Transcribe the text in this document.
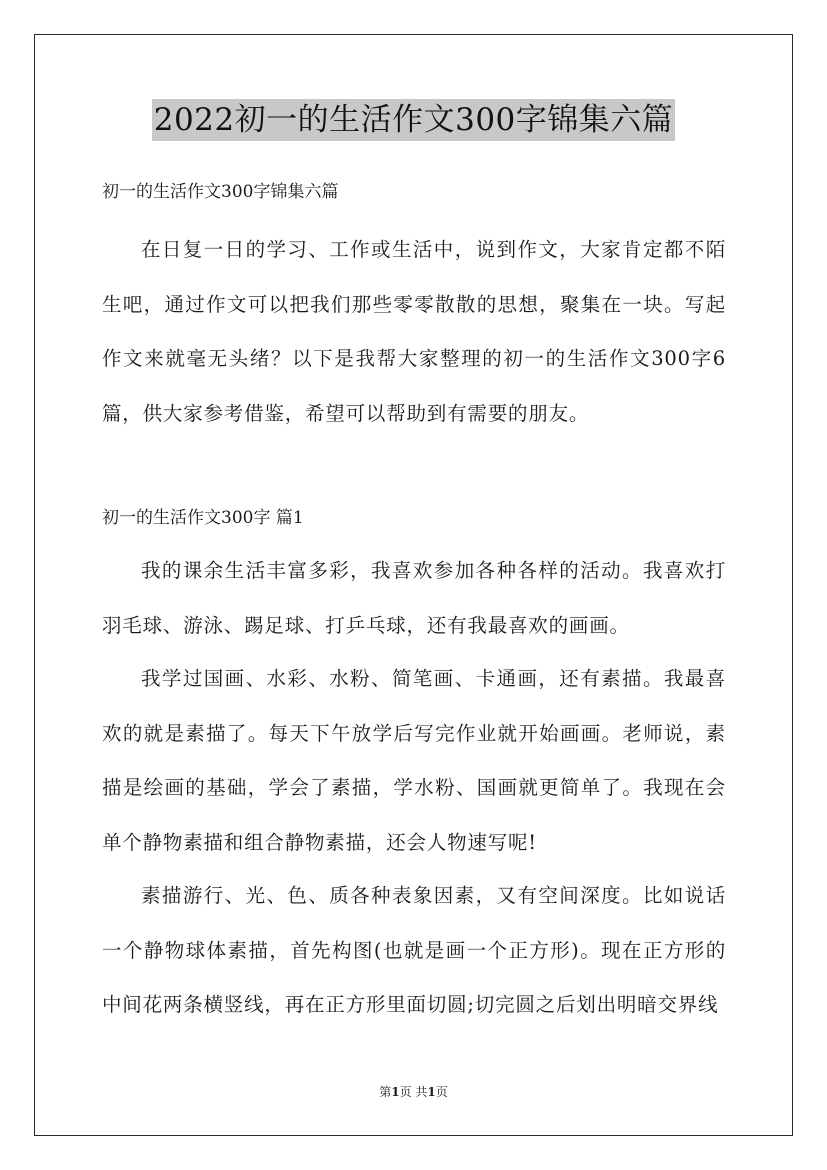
2022初一的生活作文300字锦集六篇
初一的生活作文300字锦集六篇

在日复一日的学习、工作或生活中，说到作文，大家肯定都不陌生吧，通过作文可以把我们那些零零散散的思想，聚集在一块。写起作文来就毫无头绪？以下是我帮大家整理的初一的生活作文300字6篇，供大家参考借鉴，希望可以帮助到有需要的朋友。

初一的生活作文300字 篇1

我的课余生活丰富多彩，我喜欢参加各种各样的活动。我喜欢打羽毛球、游泳、踢足球、打乒乓球，还有我最喜欢的画画。

我学过国画、水彩、水粉、简笔画、卡通画，还有素描。我最喜欢的就是素描了。每天下午放学后写完作业就开始画画。老师说，素描是绘画的基础，学会了素描，学水粉、国画就更简单了。我现在会单个静物素描和组合静物素描，还会人物速写呢!

素描游行、光、色、质各种表象因素，又有空间深度。比如说话一个静物球体素描，首先构图(也就是画一个正方形)。现在正方形的中间花两条横竖线，再在正方形里面切圆;切完圆之后划出明暗交界线

第1页 共1页
